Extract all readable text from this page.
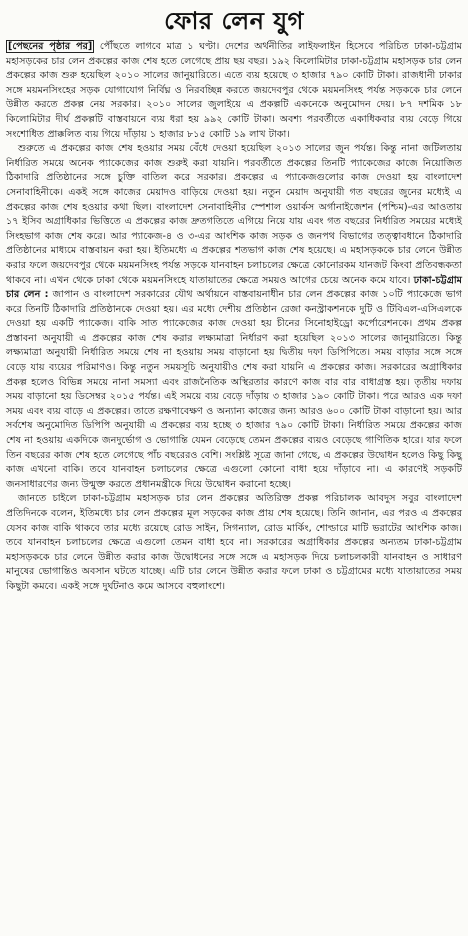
ফোর লেন যুগ

[পেছনের পৃষ্ঠার পর] পৌঁছতে লাগবে মাত্র ১ ঘণ্টা। দেশের অর্থনীতির লাইফলাইন হিসেবে পরিচিত ঢাকা-চট্টগ্রাম মহাসড়কের চার লেন প্রকল্পের কাজ শেষ হতে লেগেছে প্রায় ছয় বছর। ১৯২ কিলোমিটার ঢাকা-চট্টগ্রাম মহাসড়ক চার লেন প্রকল্পের কাজ শুরু হয়েছিল ২০১০ সালের জানুয়ারিতে। এতে ব্যয় হয়েছে ৩ হাজার ৭৯০ কোটি টাকা। রাজধানী ঢাকার সঙ্গে ময়মনসিংহের সড়ক যোগাযোগ নির্বিঘ্ন ও নিরবচ্ছিন্ন করতে জয়দেবপুর থেকে ময়মনসিংহ পর্যন্ত সড়ককে চার লেনে উন্নীত করতে প্রকল্প নেয় সরকার। ২০১০ সালের জুলাইয়ে এ প্রকল্পটি একনেকে অনুমোদন দেয়। ৮৭ দশমিক ১৮ কিলোমিটার দীর্ঘ প্রকল্পটি বাস্তবায়নে ব্যয় ধরা হয় ৯৯২ কোটি টাকা। অবশ্য পরবর্তীতে একাধিকবার ব্যয় বেড়ে গিয়ে সংশোধিত প্রাক্কলিত ব্যয় গিয়ে দাঁড়ায় ১ হাজার ৮১৫ কোটি ১৯ লাখ টাকা।

শুরুতে এ প্রকল্পের কাজ শেষ হওয়ার সময় বেঁধে দেওয়া হয়েছিল ২০১৩ সালের জুন পর্যন্ত। কিন্তু নানা জটিলতায় নির্ধারিত সময়ে অনেক প্যাকেজের কাজ শুরুই করা যায়নি। পরবর্তীতে প্রকল্পের তিনটি প্যাকেজের কাজে নিয়োজিত ঠিকাদারি প্রতিষ্ঠানের সঙ্গে চুক্তি বাতিল করে সরকার। প্রকল্পের এ প্যাকেজগুলোর কাজ দেওয়া হয় বাংলাদেশ সেনাবাহিনীকে। একই সঙ্গে কাজের মেয়াদও বাড়িয়ে দেওয়া হয়। নতুন মেয়াদ অনুযায়ী গত বছরের জুনের মধ্যেই এ প্রকল্পের কাজ শেষ হওয়ার কথা ছিল। বাংলাদেশ সেনাবাহিনীর স্পেশাল ওয়ার্কস অর্গানাইজেশন (পশ্চিম)-এর আওতায় ১৭ ইসিব অগ্রাধিকার ভিত্তিতে এ প্রকল্পের কাজ দ্রুতগতিতে এগিয়ে নিয়ে যায় এবং গত বছরের নির্ধারিত সময়ের মধ্যেই সিংহভাগ কাজ শেষ করে। আর প্যাকেজ-৪ ও ৩-এর আংশিক কাজ সড়ক ও জনপথ বিভাগের তত্ত্বাবধানে ঠিকাদারি প্রতিষ্ঠানের মাধ্যমে বাস্তবায়ন করা হয়। ইতিমধ্যে এ প্রকল্পের শতভাগ কাজ শেষ হয়েছে। এ মহাসড়ককে চার লেনে উন্নীত করার ফলে জয়দেবপুর থেকে ময়মনসিংহ পর্যন্ত সড়কে যানবাহন চলাচলের ক্ষেত্রে কোনোরকম যানজট কিংবা প্রতিবন্ধকতা থাকবে না। এখন থেকে ঢাকা থেকে ময়মনসিংহে যাতায়াতের ক্ষেত্রে সময়ও আগের চেয়ে অনেক কমে যাবে। ঢাকা-চট্টগ্রাম চার লেন : জাপান ও বাংলাদেশ সরকারের যৌথ অর্থায়নে বাস্তবায়নাধীন চার লেন প্রকল্পের কাজ ১০টি প্যাকেজে ভাগ করে তিনটি ঠিকাদারি প্রতিষ্ঠানকে দেওয়া হয়। এর মধ্যে দেশীয় প্রতিষ্ঠান রেজা কনস্ট্রাকশনকে দুটি ও টিবিএল-এসিএলকে দেওয়া হয় একটি প্যাকেজ। বাকি সাত প্যাকেজের কাজ দেওয়া হয় চীনের সিনোহাইড্রো কর্পোরেশনকে। প্রথম প্রকল্প প্রস্তাবনা অনুযায়ী এ প্রকল্পের কাজ শেষ করার লক্ষ্যমাত্রা নির্ধারণ করা হয়েছিল ২০১৩ সালের জানুয়ারিতে। কিন্তু লক্ষ্যমাত্রা অনুযায়ী নির্ধারিত সময়ে শেষ না হওয়ায় সময় বাড়ানো হয় দ্বিতীয় দফা ডিপিপিতে। সময় বাড়ার সঙ্গে সঙ্গে বেড়ে যায় ব্যয়ের পরিমাণও। কিন্তু নতুন সময়সূচি অনুযায়ীও শেষ করা যায়নি এ প্রকল্পের কাজ। সরকারের অগ্রাধিকার প্রকল্প হলেও বিভিন্ন সময়ে নানা সমস্যা এবং রাজনৈতিক অস্থিরতার কারণে কাজ বার বার বাধাগ্রস্ত হয়। তৃতীয় দফায় সময় বাড়ানো হয় ডিসেম্বর ২০১৫ পর্যন্ত। এই সময়ে ব্যয় বেড়ে দাঁড়ায় ৩ হাজার ১৯০ কোটি টাকা। পরে আরও এক দফা সময় এবং ব্যয় বাড়ে এ প্রকল্পের। তাতে রক্ষণাবেক্ষণ ও অন্যান্য কাজের জন্য আরও ৬০০ কোটি টাকা বাড়ানো হয়। আর সর্বশেষ অনুমোদিত ডিপিপি অনুযায়ী এ প্রকল্পের ব্যয় হচ্ছে ৩ হাজার ৭৯০ কোটি টাকা। নির্ধারিত সময়ে প্রকল্পের কাজ শেষ না হওয়ায় একদিকে জনদুর্ভোগ ও ভোগান্তি যেমন বেড়েছে তেমন প্রকল্পের ব্যয়ও বেড়েছে গাণিতিক হারে। যার ফলে তিন বছরের কাজ শেষ হতে লেগেছে পাঁচ বছরেরও বেশি। সংশ্লিষ্ট সূত্রে জানা গেছে, এ প্রকল্পের উদ্বোধন হলেও কিছু কিছু কাজ এখনো বাকি। তবে যানবাহন চলাচলের ক্ষেত্রে এগুলো কোনো বাধা হয়ে দাঁড়াবে না। এ কারণেই সড়কটি জনসাধারণের জন্য উন্মুক্ত করতে প্রধানমন্ত্রীকে দিয়ে উদ্বোধন করানো হচ্ছে।

জানতে চাইলে ঢাকা-চট্টগ্রাম মহাসড়ক চার লেন প্রকল্পের অতিরিক্ত প্রকল্প পরিচালক আবদুস সবুর বাংলাদেশ প্রতিদিনকে বলেন, ইতিমধ্যে চার লেন প্রকল্পের মূল সড়কের কাজ প্রায় শেষ হয়েছে। তিনি জানান, এর পরও এ প্রকল্পের যেসব কাজ বাকি থাকবে তার মধ্যে রয়েছে রোড সাইন, সিগন্যাল, রোড মার্কিং, শোল্ডারে মাটি ভরাটের আংশিক কাজ। তবে যানবাহন চলাচলের ক্ষেত্রে এগুলো তেমন বাধা হবে না। সরকারের অগ্রাধিকার প্রকল্পের অন্যতম ঢাকা-চট্টগ্রাম মহাসড়ককে চার লেনে উন্নীত করার কাজ উদ্বোধনের সঙ্গে সঙ্গে এ মহাসড়ক দিয়ে চলাচলকারী যানবাহন ও সাধারণ মানুষের ভোগান্তিও অবসান ঘটতে যাচ্ছে। এটি চার লেনে উন্নীত করার ফলে ঢাকা ও চট্টগ্রামের মধ্যে যাতায়াতের সময় কিছুটা কমবে। একই সঙ্গে দুর্ঘটনাও কমে আসবে বহুলাংশে।
